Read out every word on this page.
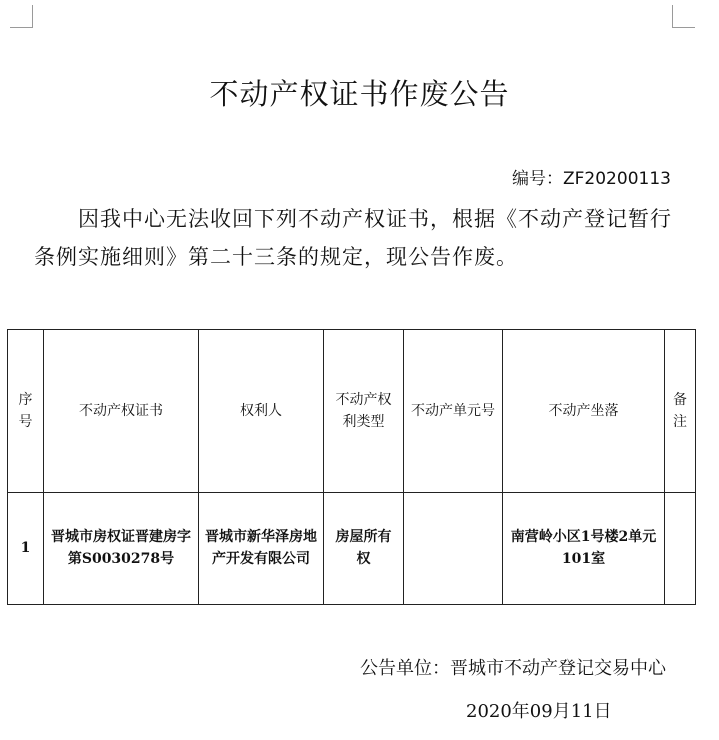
不动产权证书作废公告
编号：ZF20200113
因我中心无法收回下列不动产权证书，根据《不动产登记暂行条例实施细则》第二十三条的规定，现公告作废。
序号	不动产权证书	权利人	不动产权利类型	不动产单元号	不动产坐落	备注
1	晋城市房权证晋建房字第S0030278号	晋城市新华泽房地产开发有限公司	房屋所有权		南营岭小区1号楼2单元101室	
公告单位：晋城市不动产登记交易中心
2020年09月11日
